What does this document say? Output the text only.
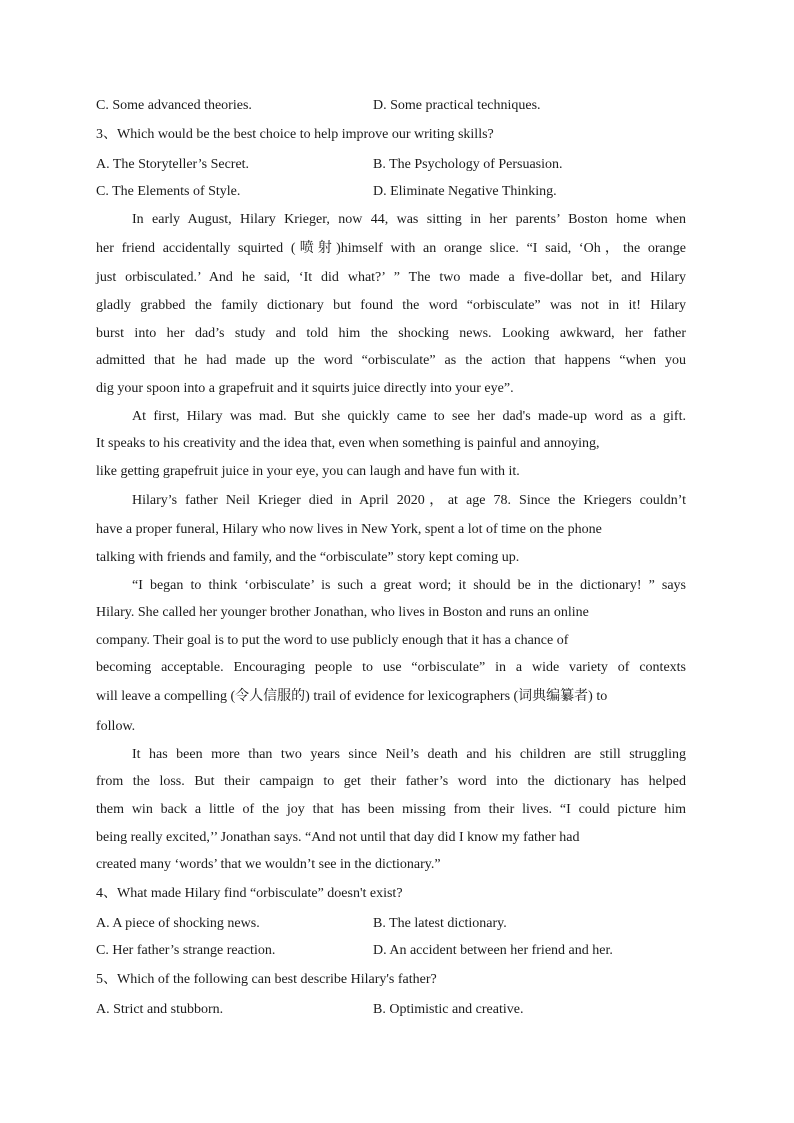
C. Some advanced theories.	D. Some practical techniques.
3、Which would be the best choice to help improve our writing skills?
A. The Storyteller’s Secret.	B. The Psychology of Persuasion.
C. The Elements of Style.	D. Eliminate Negative Thinking.
In early August, Hilary Krieger, now 44, was sitting in her parents’ Boston home when
her friend accidentally squirted (喷射)himself with an orange slice. “I said, ‘Oh，the orange
just orbisculated.’ And he said, ‘It did what?’ ” The two made a five-dollar bet, and Hilary
gladly grabbed the family dictionary but found the word “orbisculate” was not in it! Hilary
burst into her dad’s study and told him the shocking news. Looking awkward, her father
admitted that he had made up the word “orbisculate” as the action that happens “when you
dig your spoon into a grapefruit and it squirts juice directly into your eye”.
At first, Hilary was mad. But she quickly came to see her dad's made-up word as a gift.
It speaks to his creativity and the idea that, even when something is painful and annoying,
like getting grapefruit juice in your eye, you can laugh and have fun with it.
Hilary’s father Neil Krieger died in April 2020，at age 78. Since the Kriegers couldn’t
have a proper funeral, Hilary who now lives in New York, spent a lot of time on the phone
talking with friends and family, and the “orbisculate” story kept coming up.
“I began to think ‘orbisculate’ is such a great word; it should be in the dictionary! ” says
Hilary. She called her younger brother Jonathan, who lives in Boston and runs an online
company. Their goal is to put the word to use publicly enough that it has a chance of
becoming acceptable. Encouraging people to use “orbisculate” in a wide variety of contexts
will leave a compelling (令人信服的) trail of evidence for lexicographers (词典编纂者) to
follow.
It has been more than two years since Neil’s death and his children are still struggling
from the loss. But their campaign to get their father’s word into the dictionary has helped
them win back a little of the joy that has been missing from their lives. “I could picture him
being really excited,’’ Jonathan says. “And not until that day did I know my father had
created many ‘words’ that we wouldn’t see in the dictionary.”
4、What made Hilary find “orbisculate” doesn't exist?
A. A piece of shocking news.	B. The latest dictionary.
C. Her father’s strange reaction.	D. An accident between her friend and her.
5、Which of the following can best describe Hilary's father?
A. Strict and stubborn.	B. Optimistic and creative.
